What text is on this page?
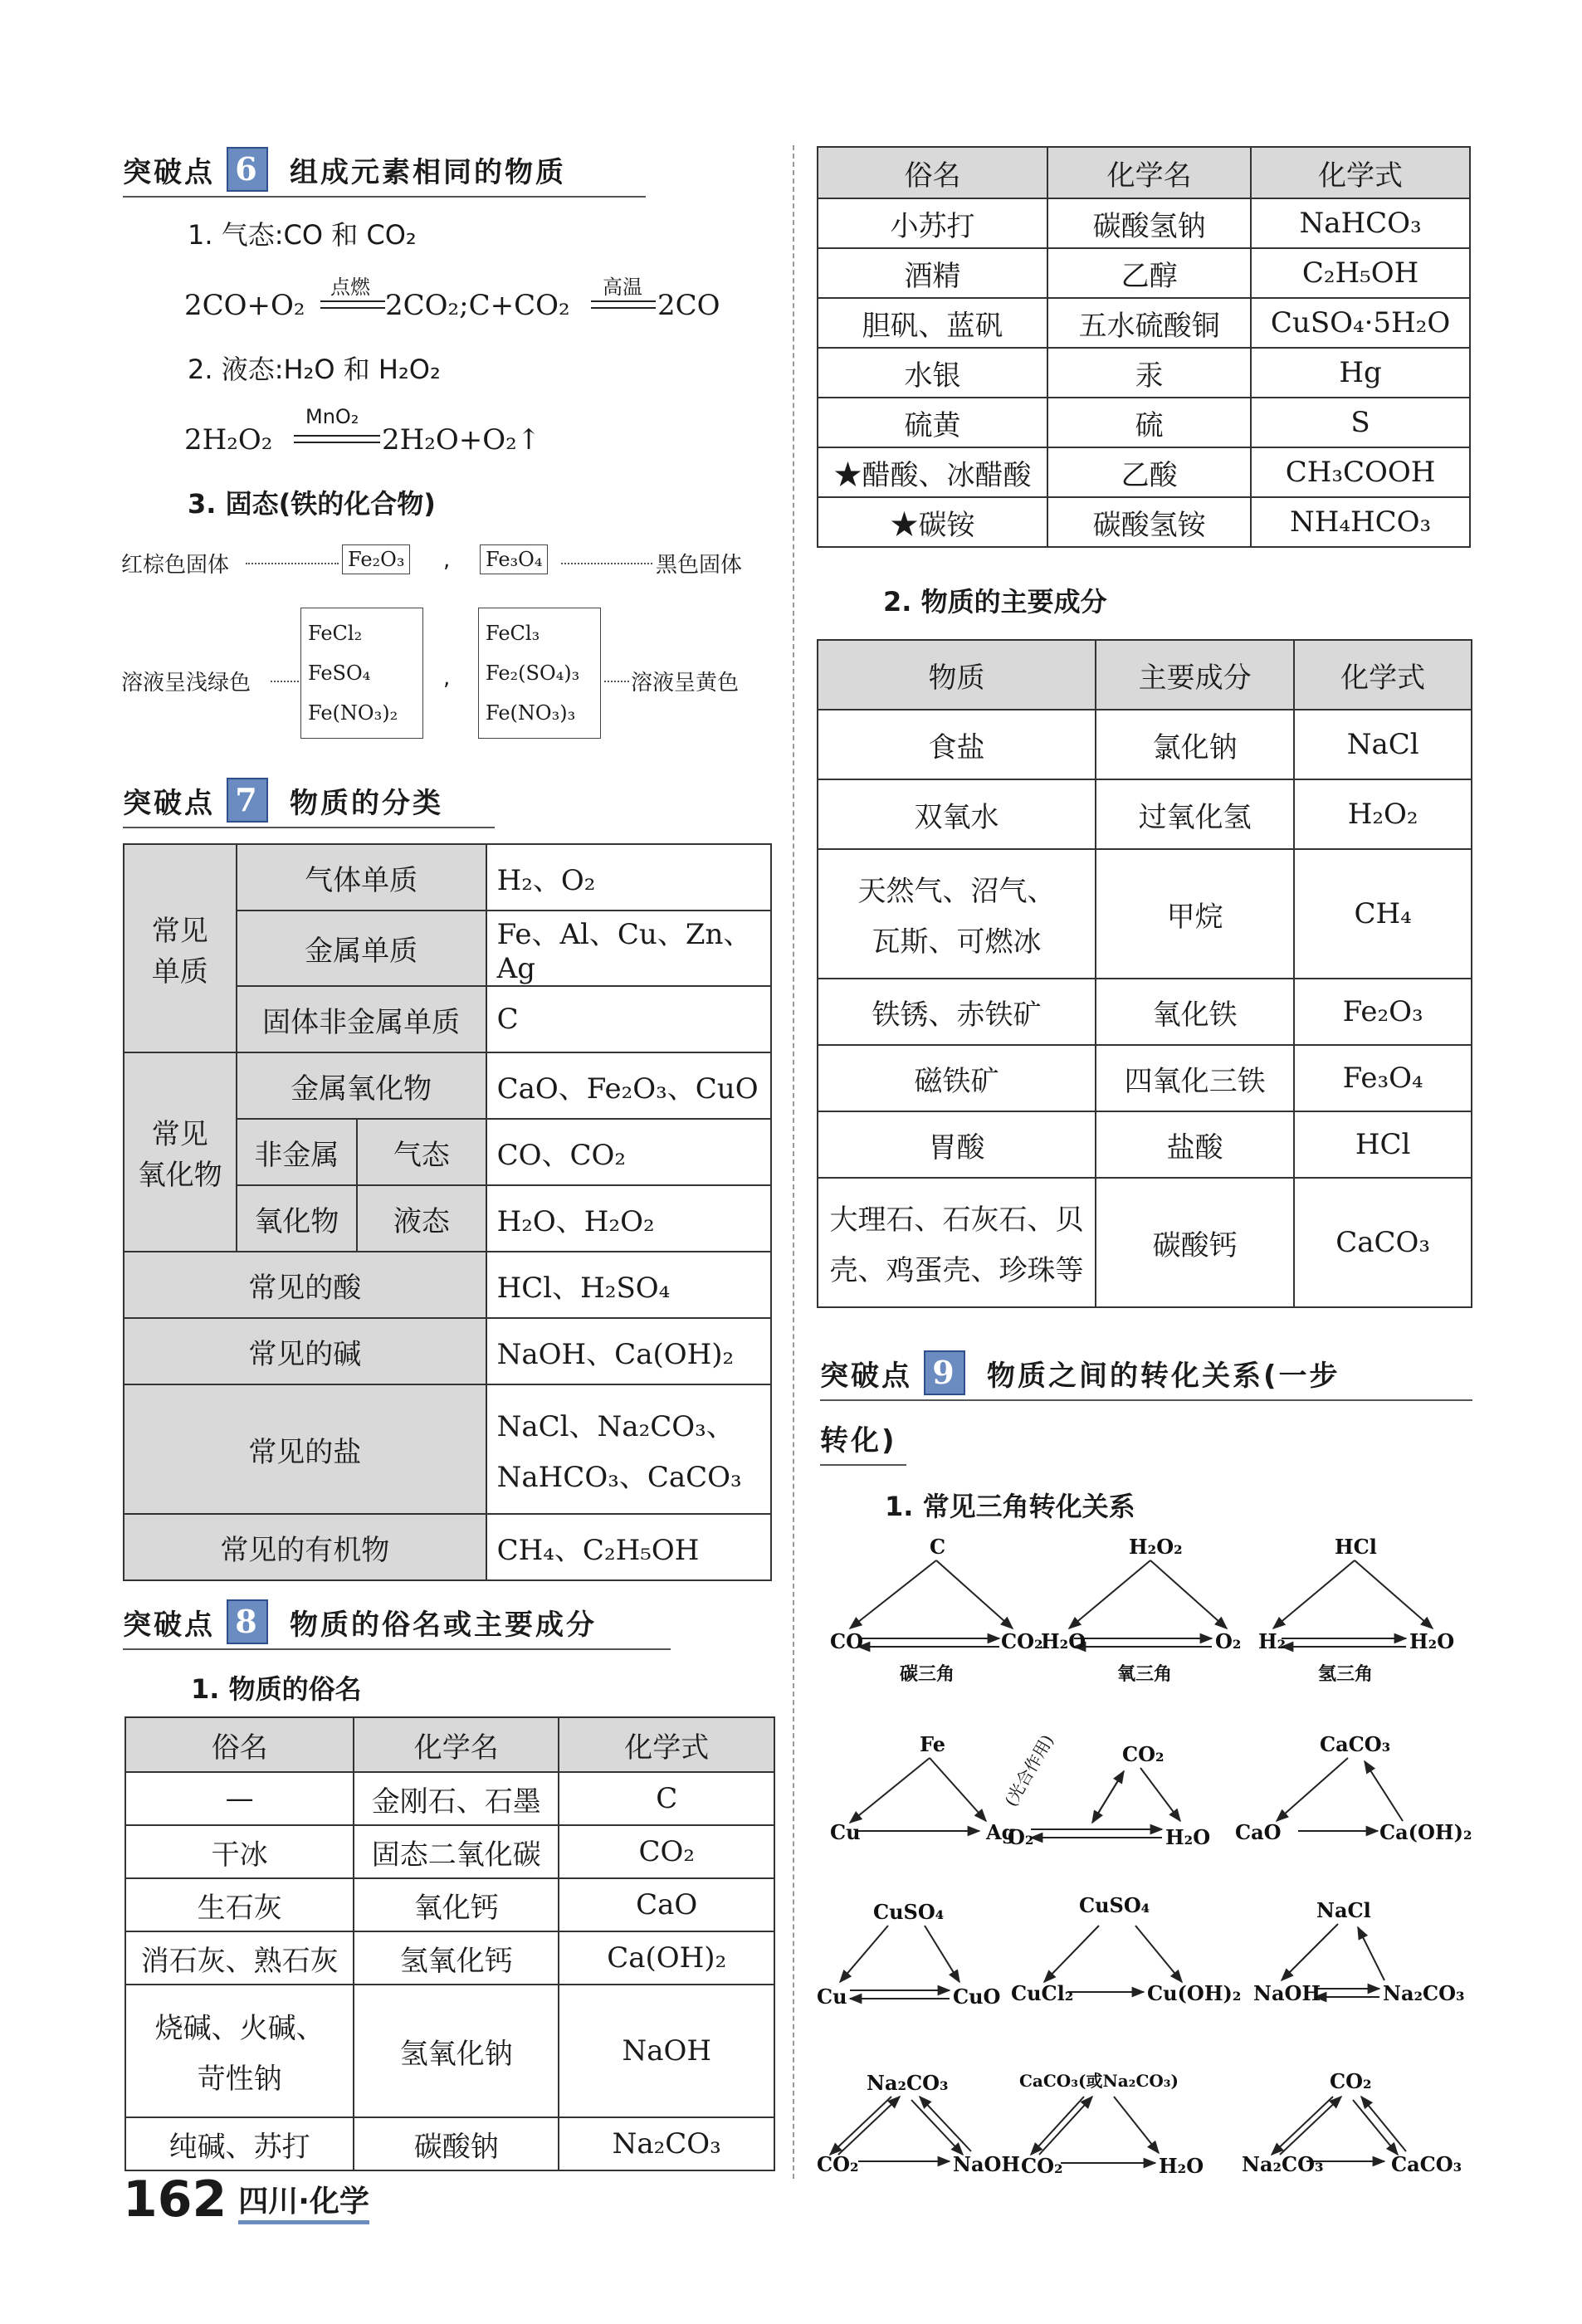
突破点 6	组成元素相同的物质
1. 气态:CO 和 CO₂
2CO+O₂
点燃
2CO₂;C+CO₂
高温
2CO
2. 液态:H₂O 和 H₂O₂
2H₂O₂
MnO₂
2H₂O+O₂↑
3. 固态(铁的化合物)
红棕色固体	Fe₂O₃ , Fe₃O₄	黑色固体
溶液呈浅绿色
FeCl₂
FeSO₄
Fe(NO₃)₂
,
FeCl₃
Fe₂(SO₄)₃
Fe(NO₃)₃
溶液呈黄色
突破点 7	物质的分类
常见
单质	气体单质		H₂、O₂
	金属单质		Fe、Al、Cu、Zn、Ag
	固体非金属单质		C

常见
氧化物	金属氧化物		CaO、Fe₂O₃、CuO
	非金属	气态	CO、CO₂
	氧化物	液态	H₂O、H₂O₂
常见的酸			HCl、H₂SO₄
常见的碱			NaOH、Ca(OH)₂
常见的盐			NaCl、Na₂CO₃、
NaHCO₃、CaCO₃

常见的有机物			CH₄、C₂H₅OH
突破点 8	物质的俗名或主要成分
1. 物质的俗名
俗名	化学名	化学式
—	金刚石、石墨	C
干冰	固态二氧化碳	CO₂
生石灰	氧化钙	CaO
消石灰、熟石灰	氢氧化钙	Ca(OH)₂

烧碱、火碱、
苛性钠	氢氧化钠	NaOH
纯碱、苏打	碳酸钠	Na₂CO₃
162 四川·化学
俗名	化学名	化学式
小苏打	碳酸氢钠	NaHCO₃
酒精	乙醇	C₂H₅OH
胆矾、蓝矾	五水硫酸铜	CuSO₄·5H₂O
水银	汞	Hg
硫黄	硫	S
★醋酸、冰醋酸	乙酸	CH₃COOH
★碳铵	碳酸氢铵	NH₄HCO₃
2. 物质的主要成分
物质	主要成分	化学式
食盐	氯化钠	NaCl
双氧水	过氧化氢	H₂O₂

天然气、沼气、
瓦斯、可燃冰	甲烷	CH₄
铁锈、赤铁矿	氧化铁	Fe₂O₃
磁铁矿	四氧化三铁	Fe₃O₄
胃酸	盐酸	HCl

大理石、石灰石、贝
壳、鸡蛋壳、珍珠等	碳酸钙	CaCO₃
突破点 9	物质之间的转化关系(一步
转化)
1. 常见三角转化关系
C
CO	CO₂
碳三角
H₂O₂
H₂O	O₂
氧三角
HCl
H₂	H₂O
氢三角
Fe
Cu	Ag
CO₂
O₂	H₂O
(光合作用)	CaCO₃
CaO	Ca(OH)₂
CuSO₄
Cu	CuO
CuSO₄
CuCl₂	Cu(OH)₂
NaCl
NaOH	Na₂CO₃
Na₂CO₃
CO₂	NaOH
CaCO₃(或Na₂CO₃)
CO₂	H₂O
CO₂
Na₂CO₃	CaCO₃
